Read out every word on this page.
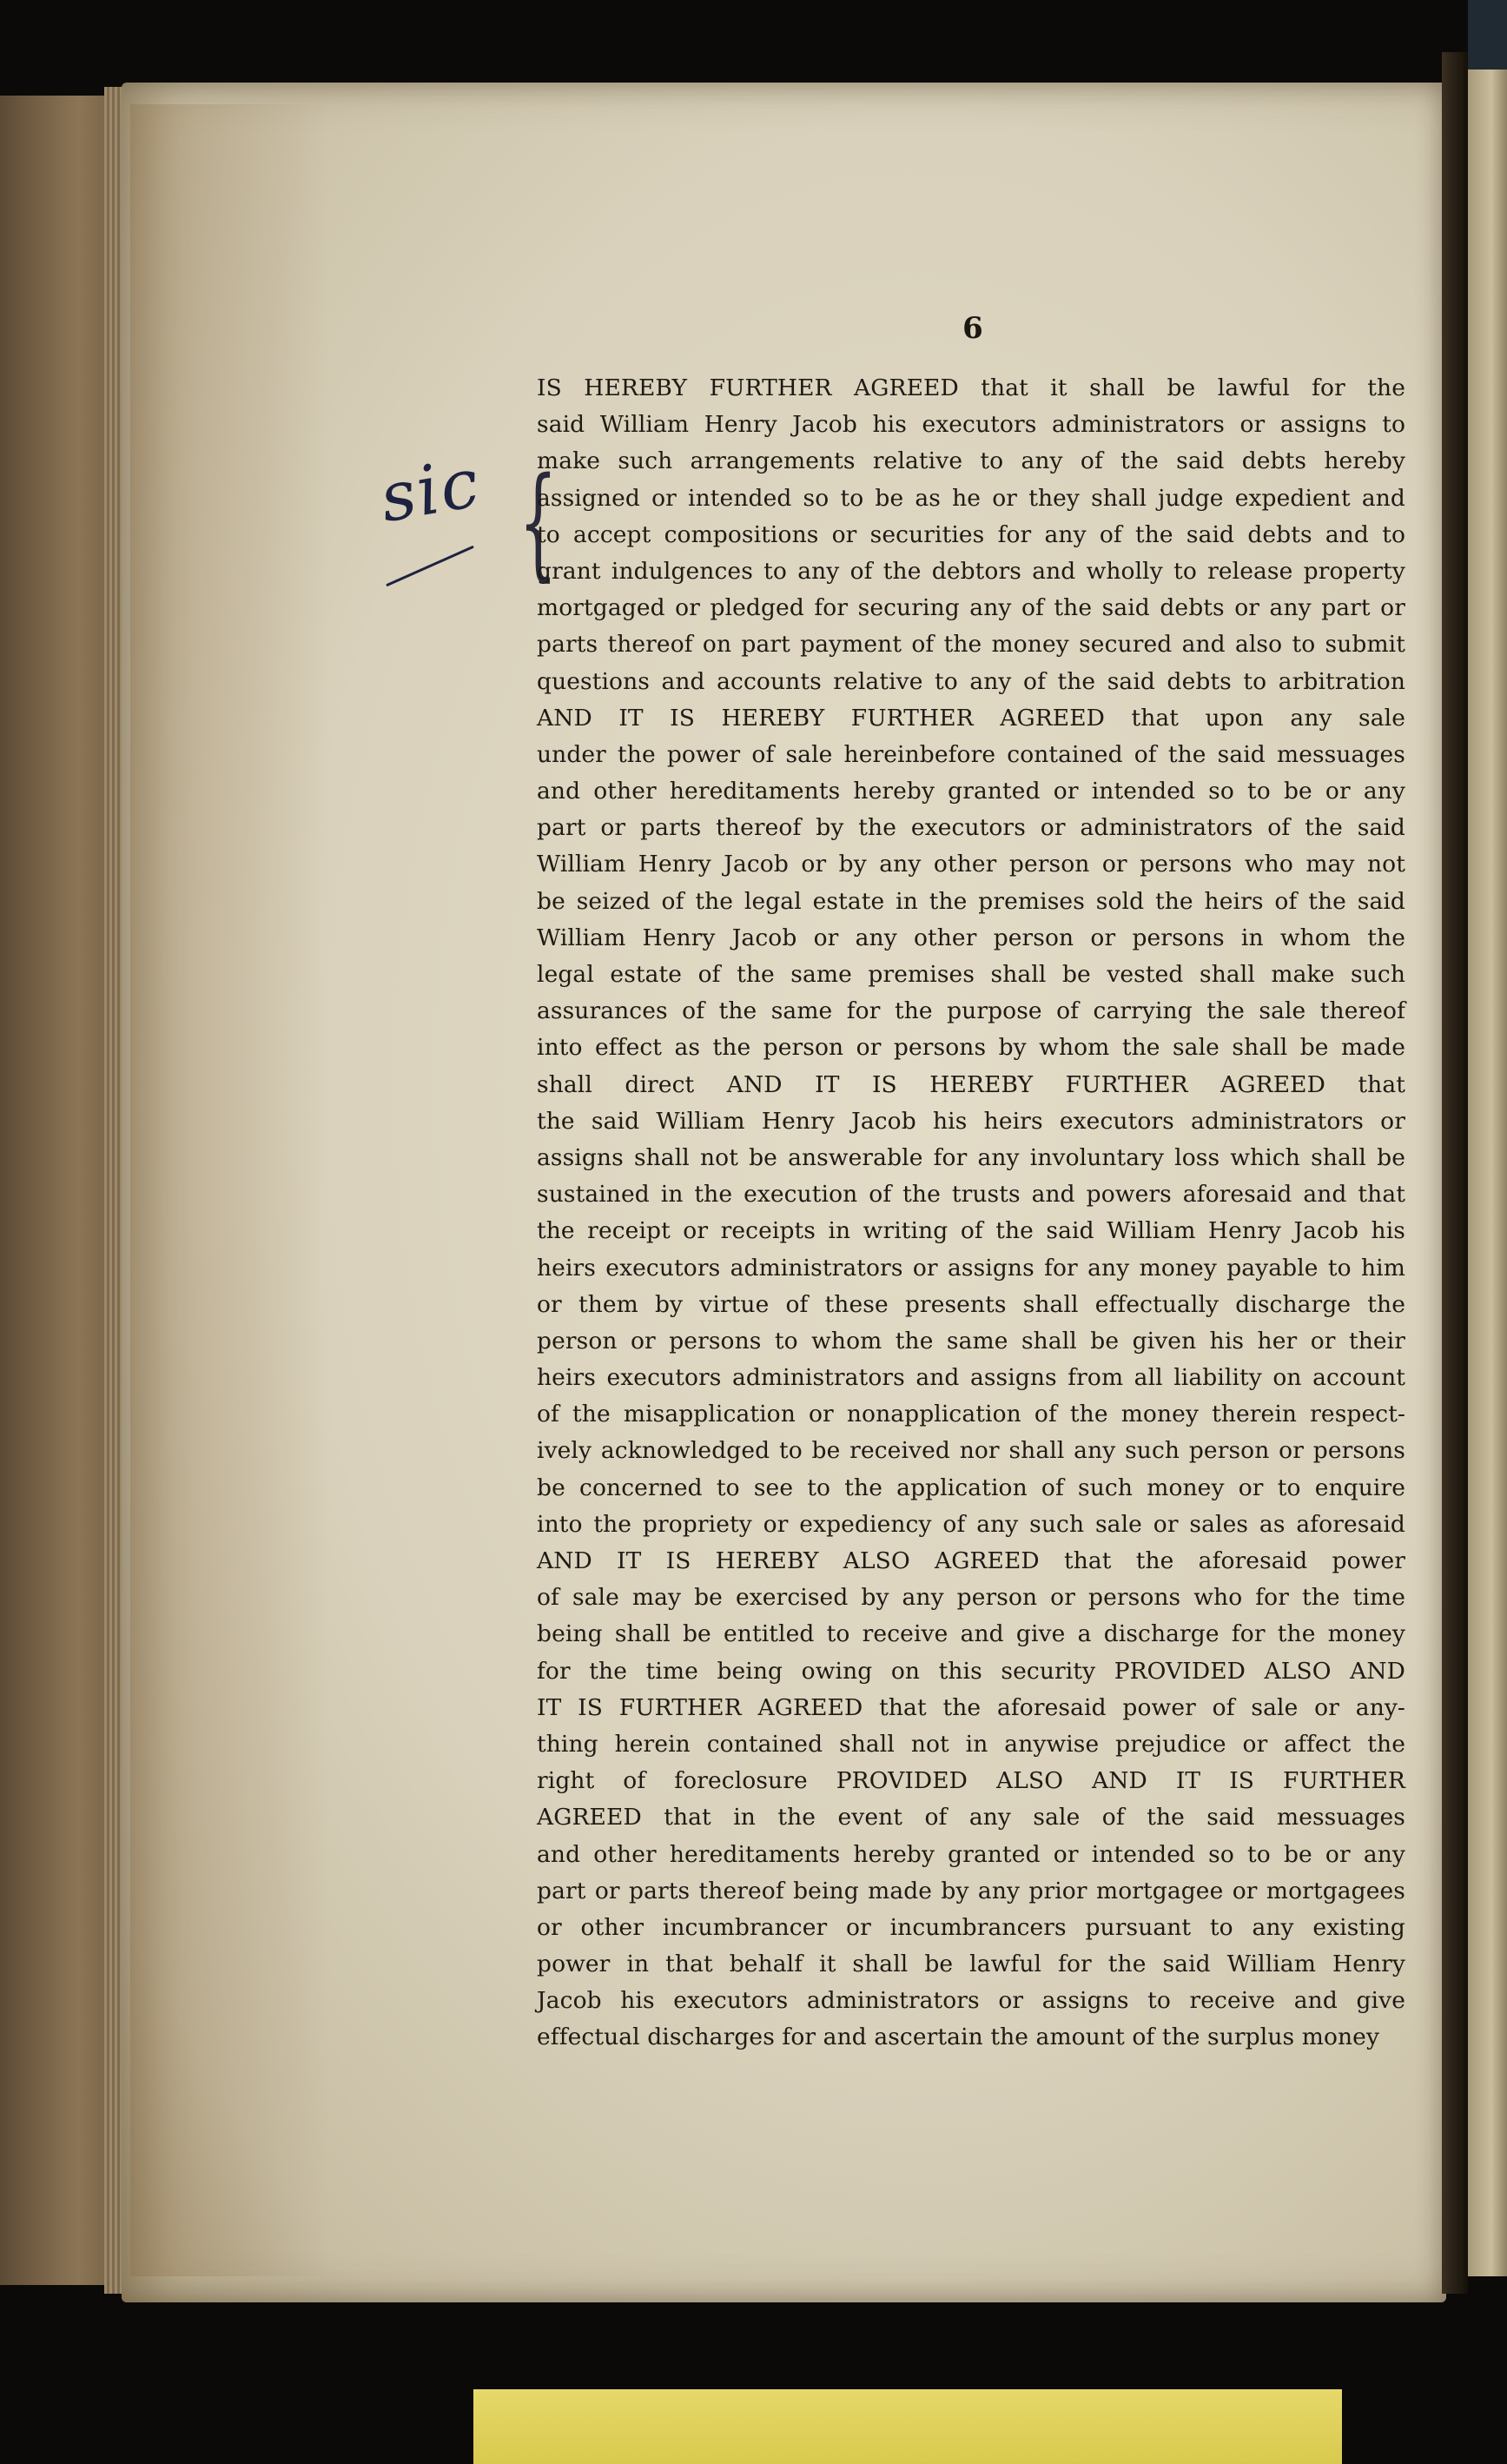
6
sic {
IS HEREBY FURTHER AGREED that it shall be lawful for the
said William Henry Jacob his executors administrators or assigns to
make such arrangements relative to any of the said debts hereby
assigned or intended so to be as he or they shall judge expedient and
to accept compositions or securities for any of the said debts and to
grant indulgences to any of the debtors and wholly to release property
mortgaged or pledged for securing any of the said debts or any part or
parts thereof on part payment of the money secured and also to submit
questions and accounts relative to any of the said debts to arbitration
AND IT IS HEREBY FURTHER AGREED that upon any sale
under the power of sale hereinbefore contained of the said messuages
and other hereditaments hereby granted or intended so to be or any
part or parts thereof by the executors or administrators of the said
William Henry Jacob or by any other person or persons who may not
be seized of the legal estate in the premises sold the heirs of the said
William Henry Jacob or any other person or persons in whom the
legal estate of the same premises shall be vested shall make such
assurances of the same for the purpose of carrying the sale thereof
into effect as the person or persons by whom the sale shall be made
shall direct AND IT IS HEREBY FURTHER AGREED that
the said William Henry Jacob his heirs executors administrators or
assigns shall not be answerable for any involuntary loss which shall be
sustained in the execution of the trusts and powers aforesaid and that
the receipt or receipts in writing of the said William Henry Jacob his
heirs executors administrators or assigns for any money payable to him
or them by virtue of these presents shall effectually discharge the
person or persons to whom the same shall be given his her or their
heirs executors administrators and assigns from all liability on account
of the misapplication or nonapplication of the money therein respect-
ively acknowledged to be received nor shall any such person or persons
be concerned to see to the application of such money or to enquire
into the propriety or expediency of any such sale or sales as aforesaid
AND IT IS HEREBY ALSO AGREED that the aforesaid power
of sale may be exercised by any person or persons who for the time
being shall be entitled to receive and give a discharge for the money
for the time being owing on this security PROVIDED ALSO AND
IT IS FURTHER AGREED that the aforesaid power of sale or any-
thing herein contained shall not in anywise prejudice or affect the
right of foreclosure PROVIDED ALSO AND IT IS FURTHER
AGREED that in the event of any sale of the said messuages
and other hereditaments hereby granted or intended so to be or any
part or parts thereof being made by any prior mortgagee or mortgagees
or other incumbrancer or incumbrancers pursuant to any existing
power in that behalf it shall be lawful for the said William Henry
Jacob his executors administrators or assigns to receive and give
effectual discharges for and ascertain the amount of the surplus money
